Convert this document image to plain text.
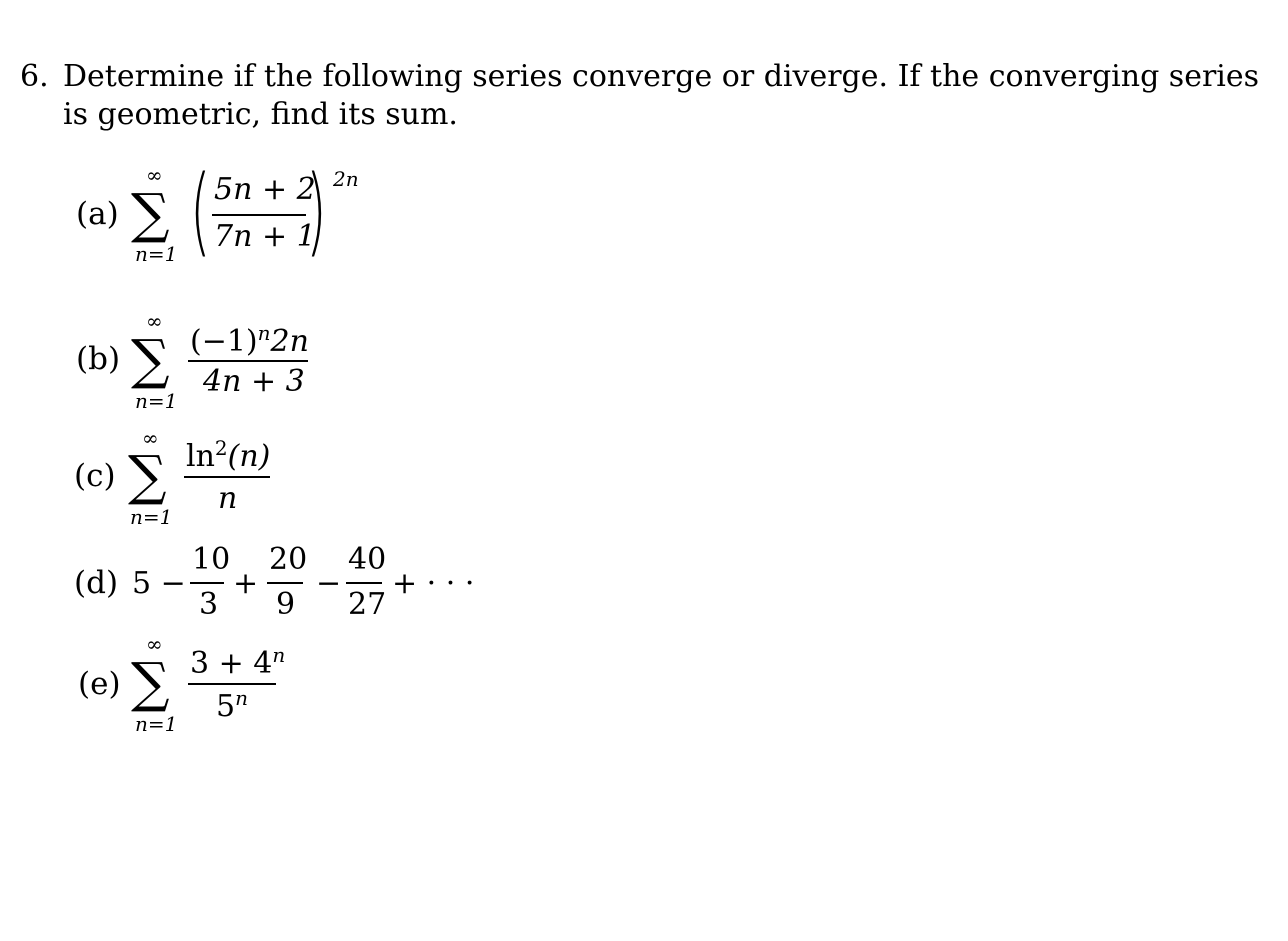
6. Determine if the following series converge or diverge. If the converging series
is geometric, find its sum.
(a)
∞
∑
n=1 ( 5n + 2
7n + 1
) 2n
(b)
∞
∑
n=1
$(-1)^n2n$
4n + 3
(c)
∞
∑
n=1
$\ln^2(n)$
n
(d) 5 −
10
3
+
20
9
−
40
27
+ · · ·
(e)
∞
∑
n=1
$3 + 4^n$
5$^n$
